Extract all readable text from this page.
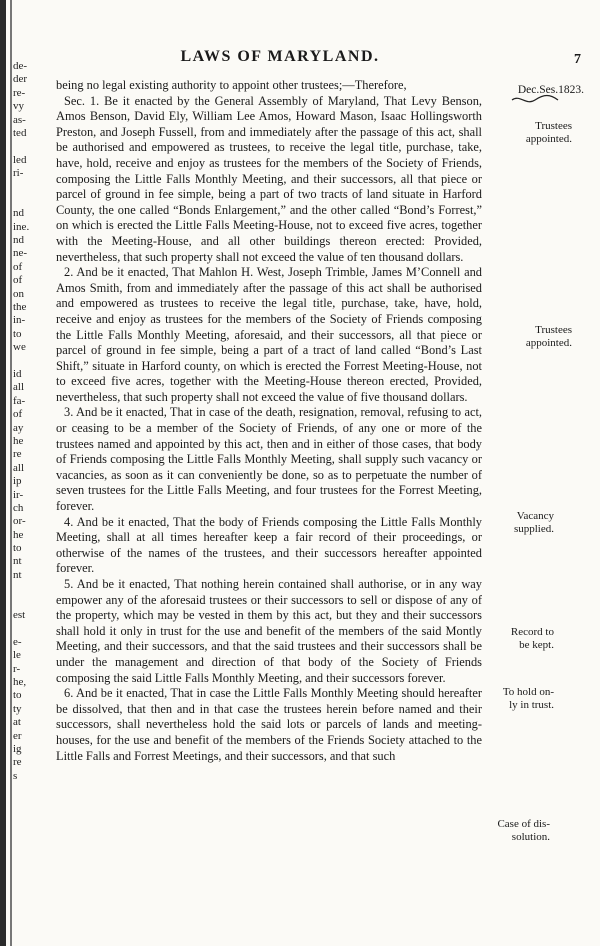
de-
der
re-
vy
as-
ted
led
ri-
nd
ine.
nd
ne-
of
of
on
the
in-
to
we
id
all
fa-
of
ay
he
re
all
ip
ir-
ch
or-
he
to
nt
nt
est
e-
le
r-
he,
to
ty
at
er
ig
re
s
LAWS OF MARYLAND.	7
Dec.Ses.1823.
Trustees
appointed.
Trustees
appointed.
Vacancy
supplied.
Record to
be kept.
To hold on-
ly in trust.
Case of dis-
solution.

being no legal existing authority to appoint other trustees;—Therefore,

Sec. 1. Be it enacted by the General Assembly of Maryland, That Levy Benson, Amos Benson, David Ely, William Lee Amos, Howard Mason, Isaac Hollingsworth Preston, and Joseph Fussell, from and immediately after the passage of this act, shall be authorised and empowered as trustees, to receive the legal title, purchase, take, have, hold, receive and enjoy as trustees for the members of the Society of Friends, composing the Little Falls Monthly Meeting, and their successors, all that piece or parcel of ground in fee simple, being a part of two tracts of land situate in Harford County, the one called “Bonds Enlargement,” and the other called “Bond’s Forrest,” on which is erected the Little Falls Meeting-House, not to exceed five acres, together with the Meeting-House, and all other buildings thereon erected: Provided, nevertheless, that such property shall not exceed the value of ten thousand dollars.

2. And be it enacted, That Mahlon H. West, Joseph Trimble, James M’Connell and Amos Smith, from and immediately after the passage of this act shall be authorised and empowered as trustees to receive the legal title, purchase, take, have, hold, receive and enjoy as trustees for the members of the Society of Friends composing the Little Falls Monthly Meeting, aforesaid, and their successors, all that piece or parcel of ground in fee simple, being a part of a tract of land called “Bond’s Last Shift,” situate in Harford county, on which is erected the Forrest Meeting-House, not to exceed five acres, together with the Meeting-House thereon erected, Provided, nevertheless, that such property shall not exceed the value of five thousand dollars.

3. And be it enacted, That in case of the death, resignation, removal, refusing to act, or ceasing to be a member of the Society of Friends, of any one or more of the trustees named and appointed by this act, then and in either of those cases, that body of Friends composing the Little Falls Monthly Meeting, shall supply such vacancy or vacancies, as soon as it can conveniently be done, so as to perpetuate the number of seven trustees for the Little Falls Meeting, and four trustees for the Forrest Meeting, forever.

4. And be it enacted, That the body of Friends composing the Little Falls Monthly Meeting, shall at all times hereafter keep a fair record of their proceedings, or otherwise of the names of the trustees, and their successors hereafter appointed forever.

5. And be it enacted, That nothing herein contained shall authorise, or in any way empower any of the aforesaid trustees or their successors to sell or dispose of any of the property, which may be vested in them by this act, but they and their successors shall hold it only in trust for the use and benefit of the members of the said Montly Meeting, and their successors, and that the said trustees and their successors shall be under the management and direction of that body of the Society of Friends composing the said Little Falls Monthly Meeting, and their successors forever.

6. And be it enacted, That in case the Little Falls Monthly Meeting should hereafter be dissolved, that then and in that case the trustees herein before named and their successors, shall nevertheless hold the said lots or parcels of lands and meeting-houses, for the use and benefit of the members of the Friends Society attached to the Little Falls and Forrest Meetings, and their successors, and that such
